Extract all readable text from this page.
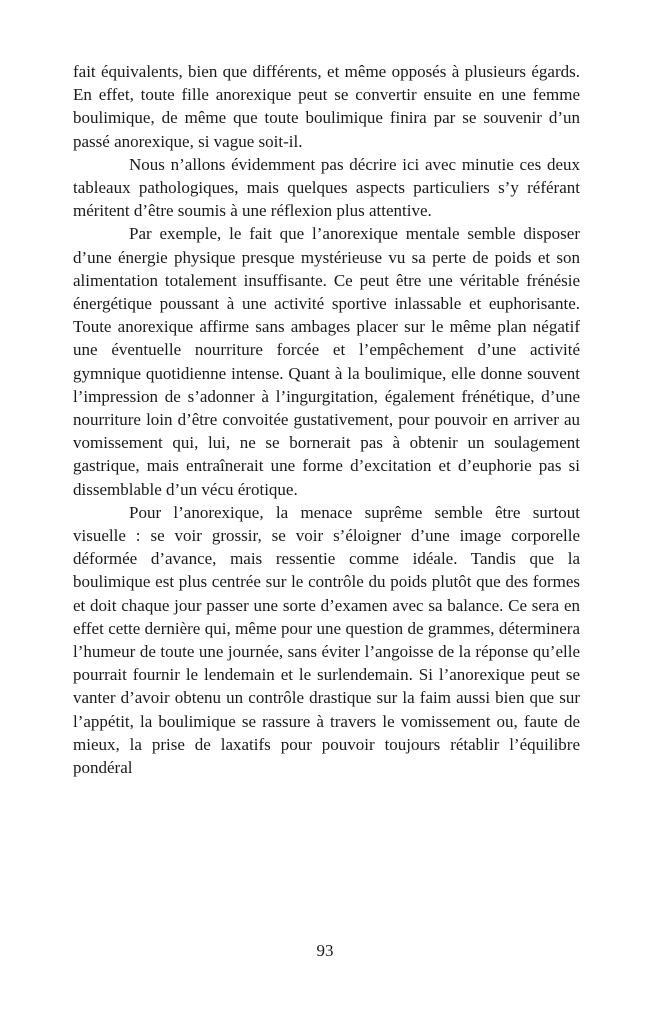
fait équivalents, bien que différents, et même opposés à plusieurs égards. En effet, toute fille anorexique peut se convertir ensuite en une femme boulimique, de même que toute boulimique finira par se souvenir d’un passé anorexique, si vague soit-il.

Nous n’allons évidemment pas décrire ici avec minutie ces deux tableaux pathologiques, mais quelques aspects particuliers s’y référant méritent d’être soumis à une réflexion plus attentive.

Par exemple, le fait que l’anorexique mentale semble disposer d’une énergie physique presque mystérieuse vu sa perte de poids et son alimentation totalement insuffisante. Ce peut être une véritable frénésie énergétique poussant à une activité sportive inlassable et euphorisante. Toute anorexique affirme sans ambages placer sur le même plan négatif une éventuelle nourriture forcée et l’empêchement d’une activité gymnique quotidienne intense. Quant à la boulimique, elle donne souvent l’impression de s’adonner à l’ingurgitation, également frénétique, d’une nourriture loin d’être convoitée gustativement, pour pouvoir en arriver au vomissement qui, lui, ne se bornerait pas à obtenir un soulagement gastrique, mais entraînerait une forme d’excitation et d’euphorie pas si dissemblable d’un vécu érotique.

Pour l’anorexique, la menace suprême semble être surtout visuelle : se voir grossir, se voir s’éloigner d’une image corporelle déformée d’avance, mais ressentie comme idéale. Tandis que la boulimique est plus centrée sur le contrôle du poids plutôt que des formes et doit chaque jour passer une sorte d’examen avec sa balance. Ce sera en effet cette dernière qui, même pour une question de grammes, déterminera l’humeur de toute une journée, sans éviter l’angoisse de la réponse qu’elle pourrait fournir le lendemain et le surlendemain. Si l’anorexique peut se vanter d’avoir obtenu un contrôle drastique sur la faim aussi bien que sur l’appétit, la boulimique se rassure à travers le vomissement ou, faute de mieux, la prise de laxatifs pour pouvoir toujours rétablir l’équilibre pondéral

93
